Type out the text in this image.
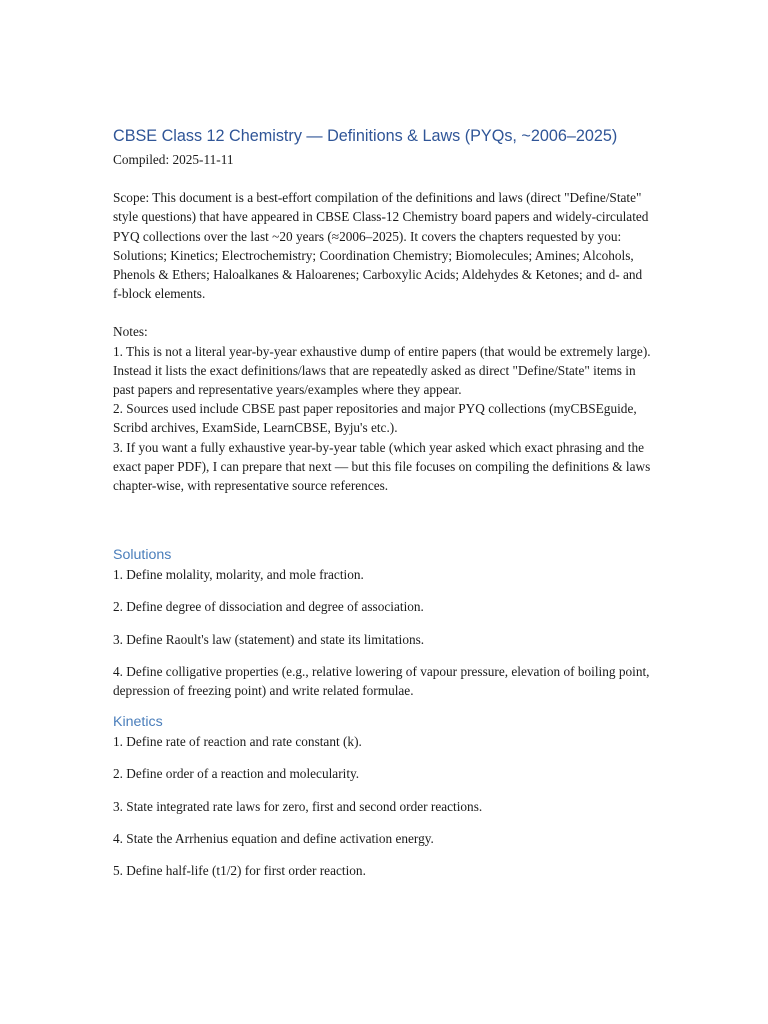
CBSE Class 12 Chemistry — Definitions & Laws (PYQs, ~2006–2025)

Compiled: 2025-11-11

Scope: This document is a best-effort compilation of the definitions and laws (direct "Define/State" style questions) that have appeared in CBSE Class-12 Chemistry board papers and widely-circulated PYQ collections over the last ~20 years (≈2006–2025). It covers the chapters requested by you: Solutions; Kinetics; Electrochemistry; Coordination Chemistry; Biomolecules; Amines; Alcohols, Phenols & Ethers; Haloalkanes & Haloarenes; Carboxylic Acids; Aldehydes & Ketones; and d- and f-block elements.

Notes:
1. This is not a literal year-by-year exhaustive dump of entire papers (that would be extremely large). Instead it lists the exact definitions/laws that are repeatedly asked as direct "Define/State" items in past papers and representative years/examples where they appear.
2. Sources used include CBSE past paper repositories and major PYQ collections (myCBSEguide, Scribd archives, ExamSide, LearnCBSE, Byju's etc.).
3. If you want a fully exhaustive year-by-year table (which year asked which exact phrasing and the exact paper PDF), I can prepare that next — but this file focuses on compiling the definitions & laws chapter-wise, with representative source references.
Solutions

1. Define molality, molarity, and mole fraction.

2. Define degree of dissociation and degree of association.

3. Define Raoult's law (statement) and state its limitations.

4. Define colligative properties (e.g., relative lowering of vapour pressure, elevation of boiling point, depression of freezing point) and write related formulae.

Kinetics

1. Define rate of reaction and rate constant (k).

2. Define order of a reaction and molecularity.

3. State integrated rate laws for zero, first and second order reactions.

4. State the Arrhenius equation and define activation energy.

5. Define half-life (t1/2) for first order reaction.
